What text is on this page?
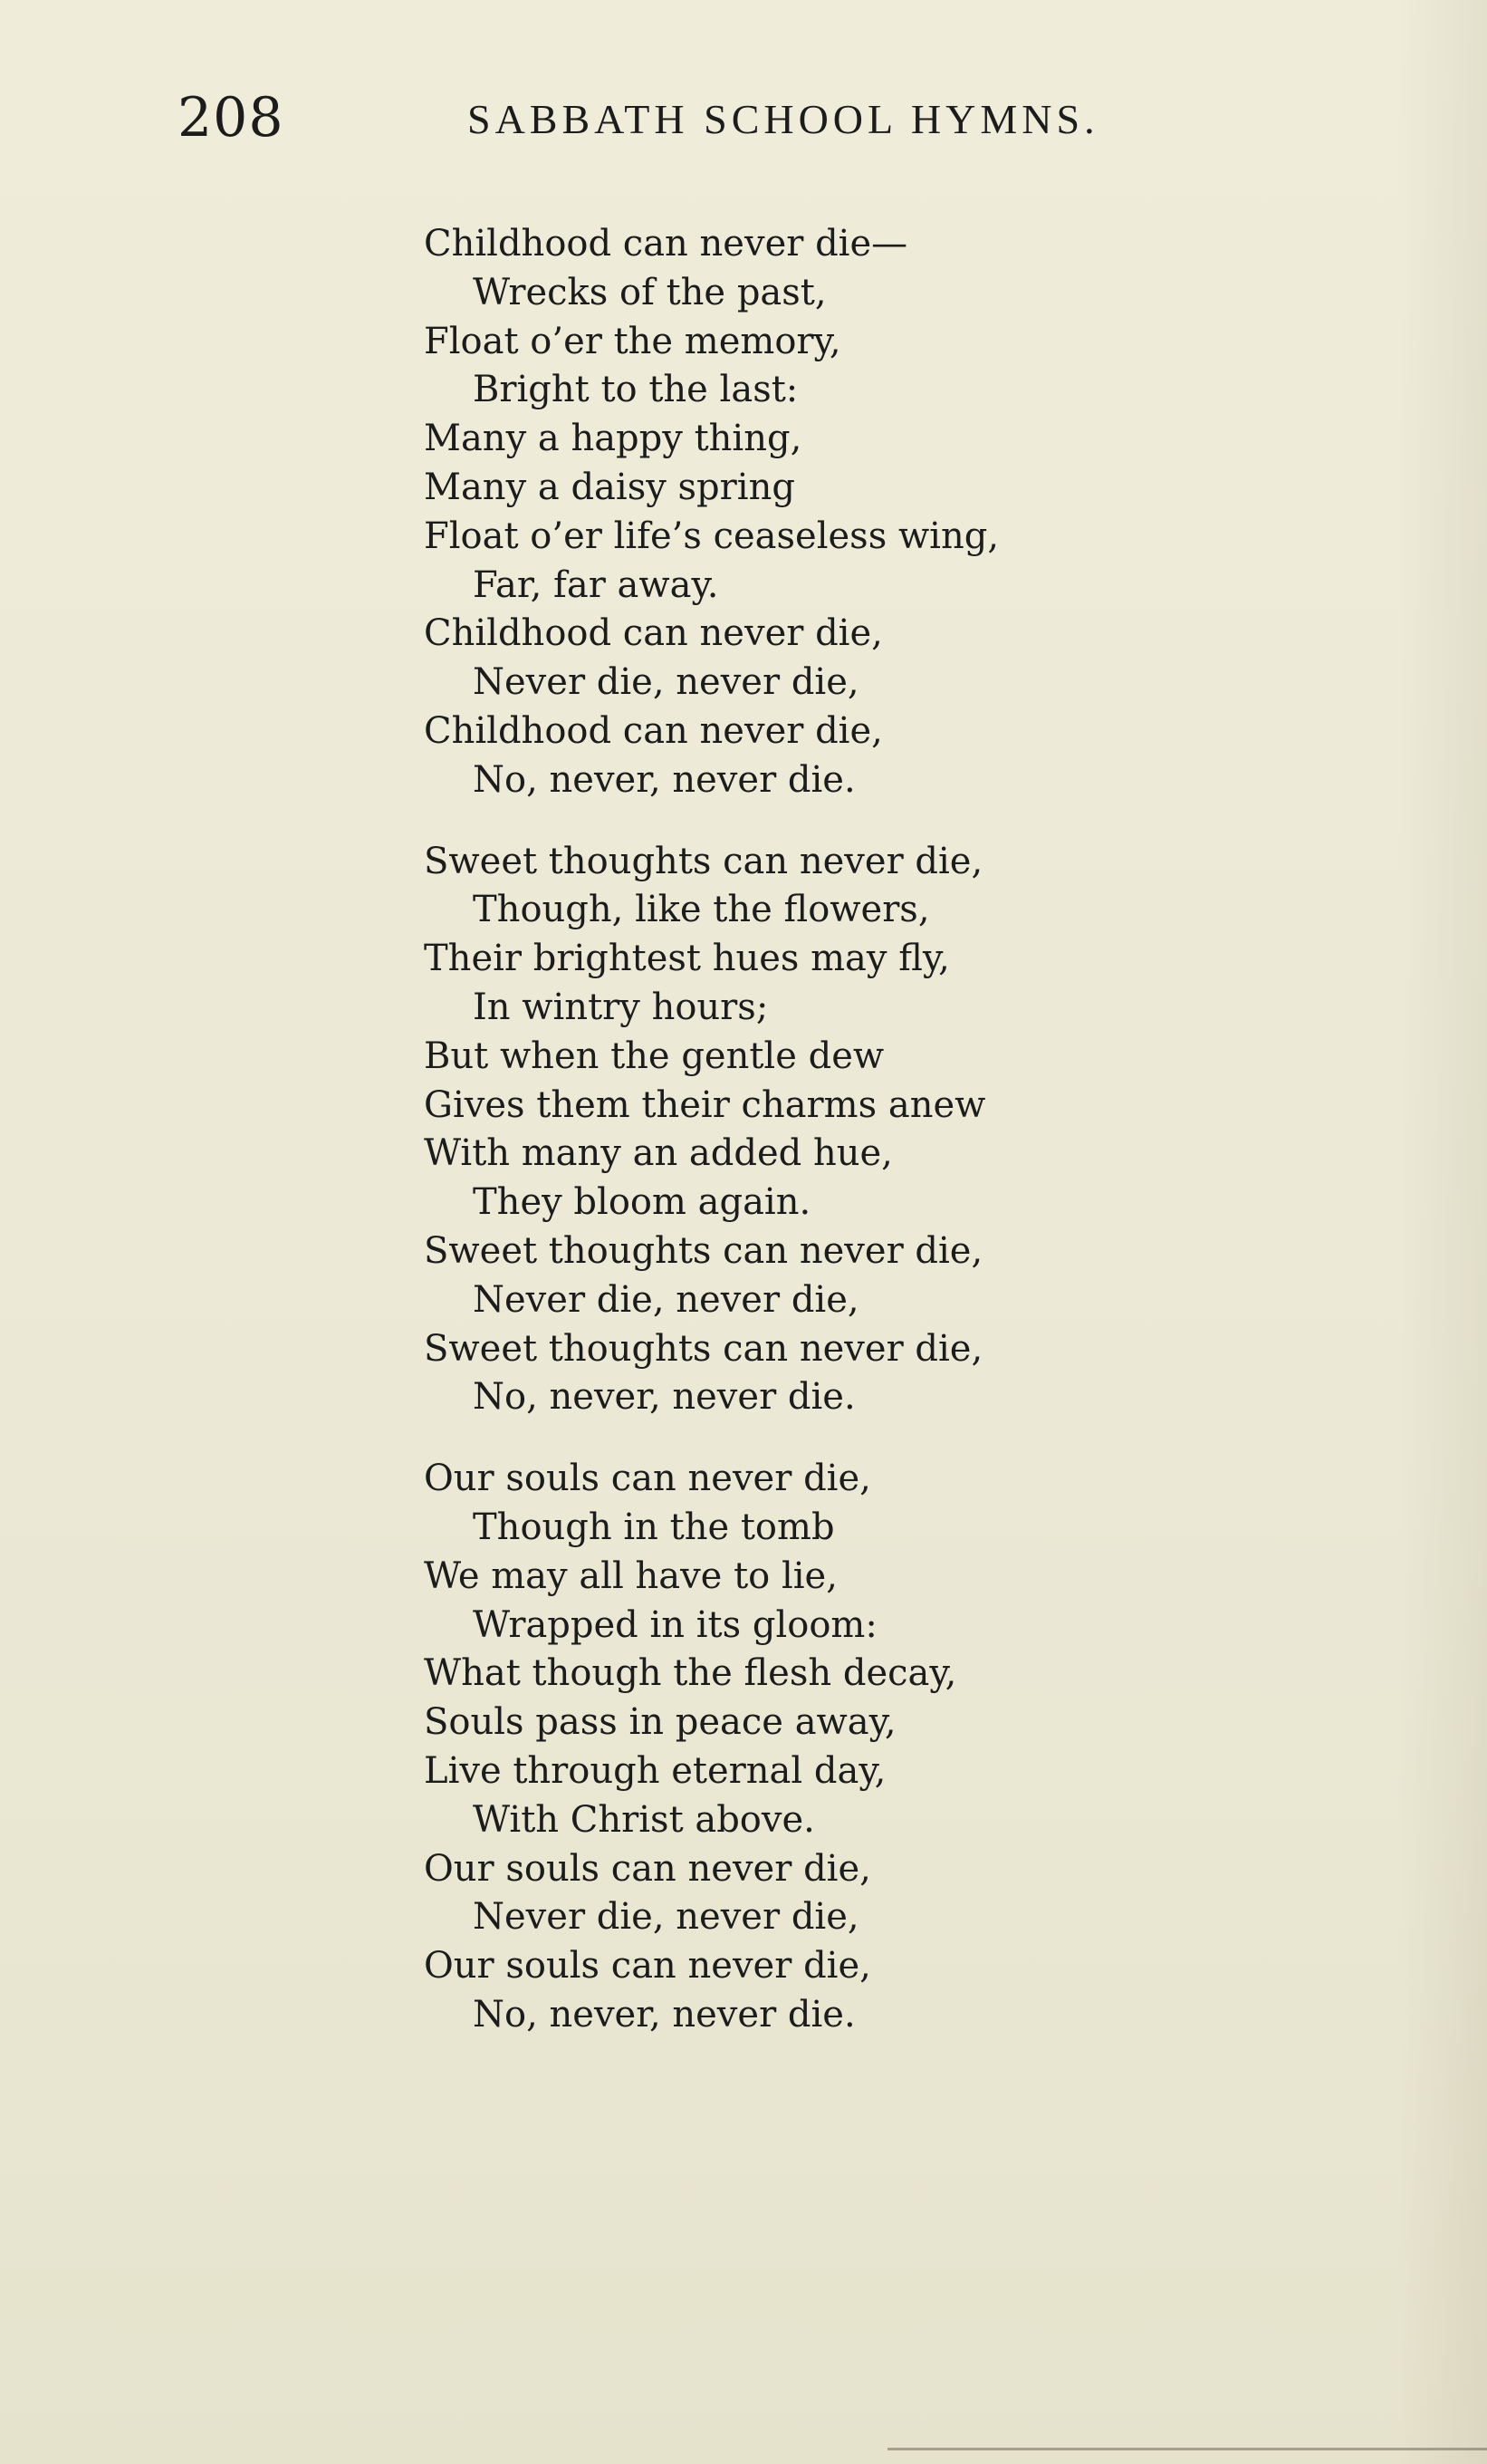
208	SABBATH SCHOOL HYMNS.
Childhood can never die—
Wrecks of the past,
Float o’er the memory,
Bright to the last:
Many a happy thing,
Many a daisy spring
Float o’er life’s ceaseless wing,
Far, far away.
Childhood can never die,
Never die, never die,
Childhood can never die,
No, never, never die.
Sweet thoughts can never die,
Though, like the flowers,
Their brightest hues may fly,
In wintry hours;
But when the gentle dew
Gives them their charms anew
With many an added hue,
They bloom again.
Sweet thoughts can never die,
Never die, never die,
Sweet thoughts can never die,
No, never, never die.
Our souls can never die,
Though in the tomb
We may all have to lie,
Wrapped in its gloom:
What though the flesh decay,
Souls pass in peace away,
Live through eternal day,
With Christ above.
Our souls can never die,
Never die, never die,
Our souls can never die,
No, never, never die.
